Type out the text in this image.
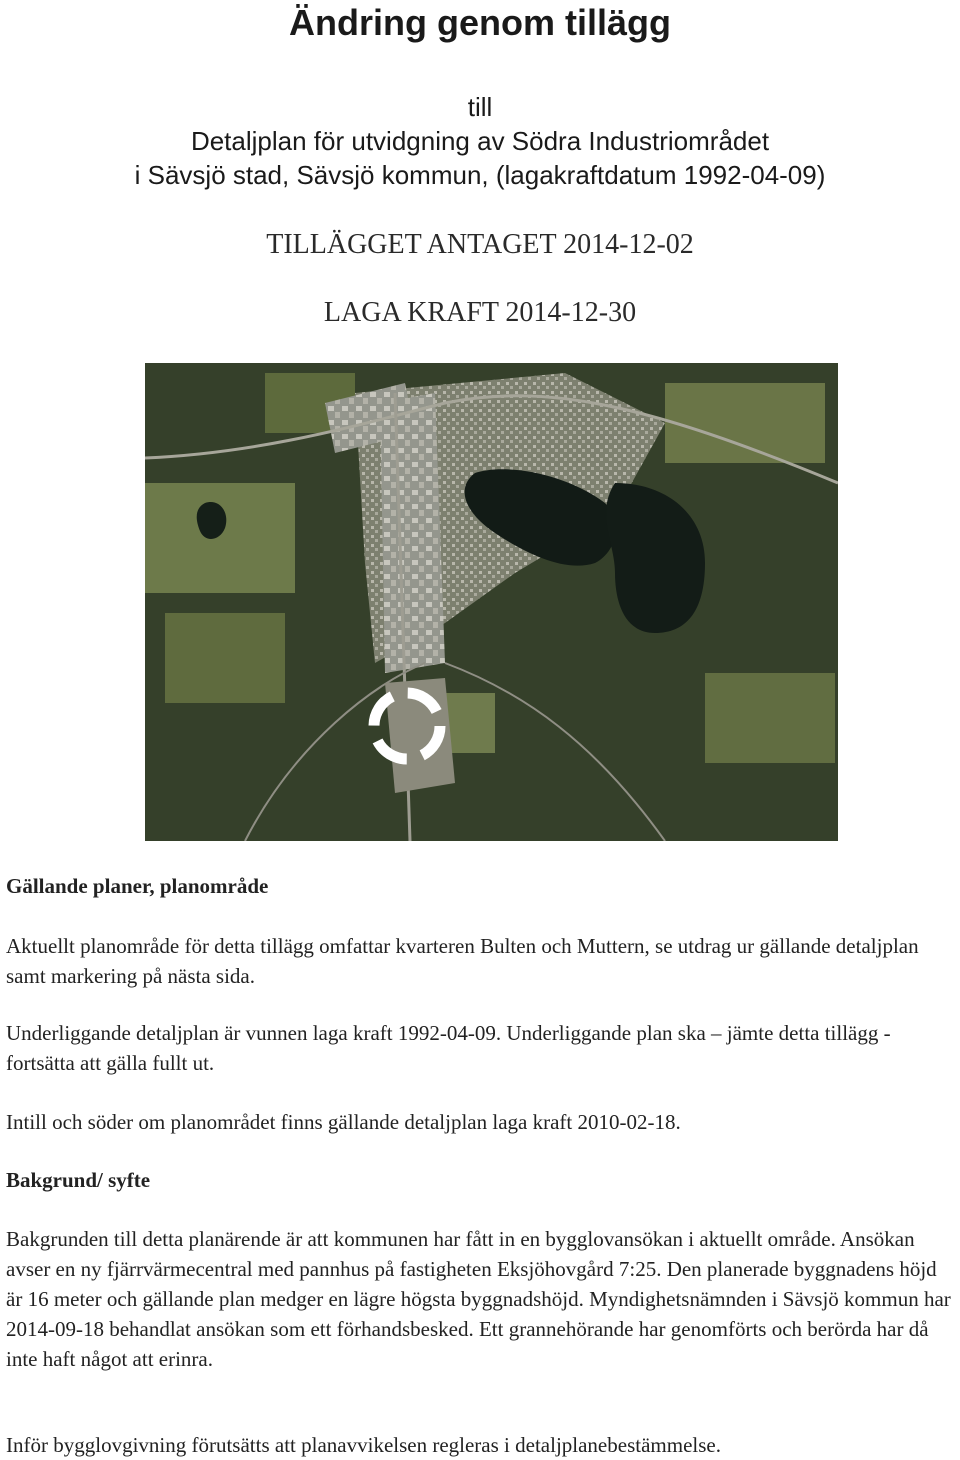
Ändring genom tillägg
till
Detaljplan för utvidgning av Södra Industriområdet
i Sävsjö stad, Sävsjö kommun, (lagakraftdatum 1992-04-09)
TILLÄGGET ANTAGET 2014-12-02
LAGA KRAFT 2014-12-30
Gällande planer, planområde
Aktuellt planområde för detta tillägg omfattar kvarteren Bulten och Muttern, se utdrag ur gällande detaljplan samt markering på nästa sida.
Underliggande detaljplan är vunnen laga kraft 1992-04-09. Underliggande plan ska – jämte detta tillägg - fortsätta att gälla fullt ut.
Intill och söder om planområdet finns gällande detaljplan laga kraft 2010-02-18.
Bakgrund/ syfte
Bakgrunden till detta planärende är att kommunen har fått in en bygglovansökan i aktuellt område. Ansökan avser en ny fjärrvärmecentral med pannhus på fastigheten Eksjöhovgård 7:25. Den planerade byggnadens höjd är 16 meter och gällande plan medger en lägre högsta byggnadshöjd. Myndighetsnämnden i Sävsjö kommun har 2014-09-18 behandlat ansökan som ett förhandsbesked. Ett grannehörande har genomförts och berörda har då inte haft något att erinra.
Inför bygglovgivning förutsätts att planavvikelsen regleras i detaljplanebestämmelse.
